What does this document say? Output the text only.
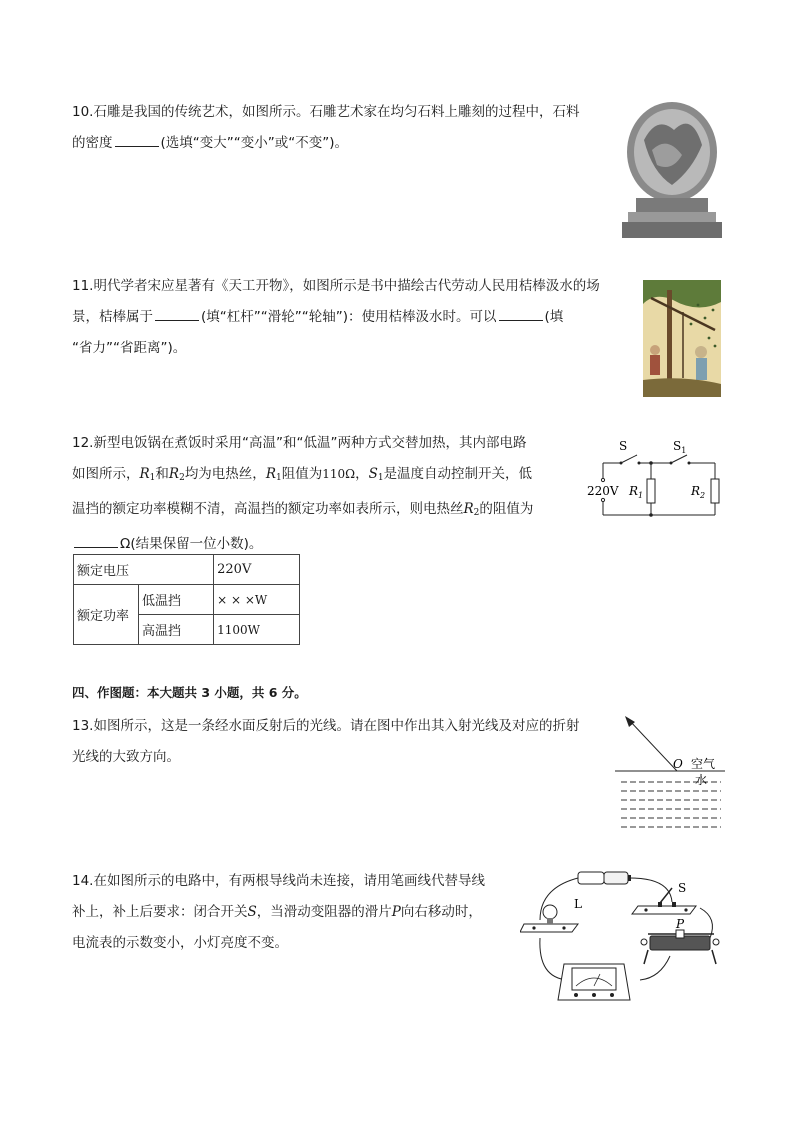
10.石雕是我国的传统艺术，如图所示。石雕艺术家在均匀石料上雕刻的过程中，石料
的密度	(选填“变大”“变小”或“不变”)。
11.明代学者宋应星著有《天工开物》，如图所示是书中描绘古代劳动人民用桔棒汲水的场
景，桔棒属于	(填“杠杆”“滑轮”“轮轴”)：使用桔棒汲水时。可以	(填
“省力”“省距离”)。
12.新型电饭锅在煮饭时采用“高温”和“低温”两种方式交替加热，其内部电路
如图所示，$R_1$和$R_2$均为电热丝，$R_1$阻值为110Ω，$S_1$是温度自动控制开关，低
温挡的额定功率模糊不清，高温挡的额定功率如表所示，则电热丝$R_2$的阻值为
Ω(结果保留一位小数)。
S	$S_1$
220V $R_1$	$R_2$
额定电压		220V
额定功率	低温挡	× × ×W
	高温挡	1100W
四、作图题：本大题共 3 小题，共 6 分。
13.如图所示，这是一条经水面反射后的光线。请在图中作出其入射光线及对应的折射
光线的大致方向。	O 空气
水
14.在如图所示的电路中，有两根导线尚未连接，请用笔画线代替导线
补上，补上后要求：闭合开关S，当滑动变阻器的滑片P向右移动时，
电流表的示数变小，小灯亮度不变。
L
S
P
